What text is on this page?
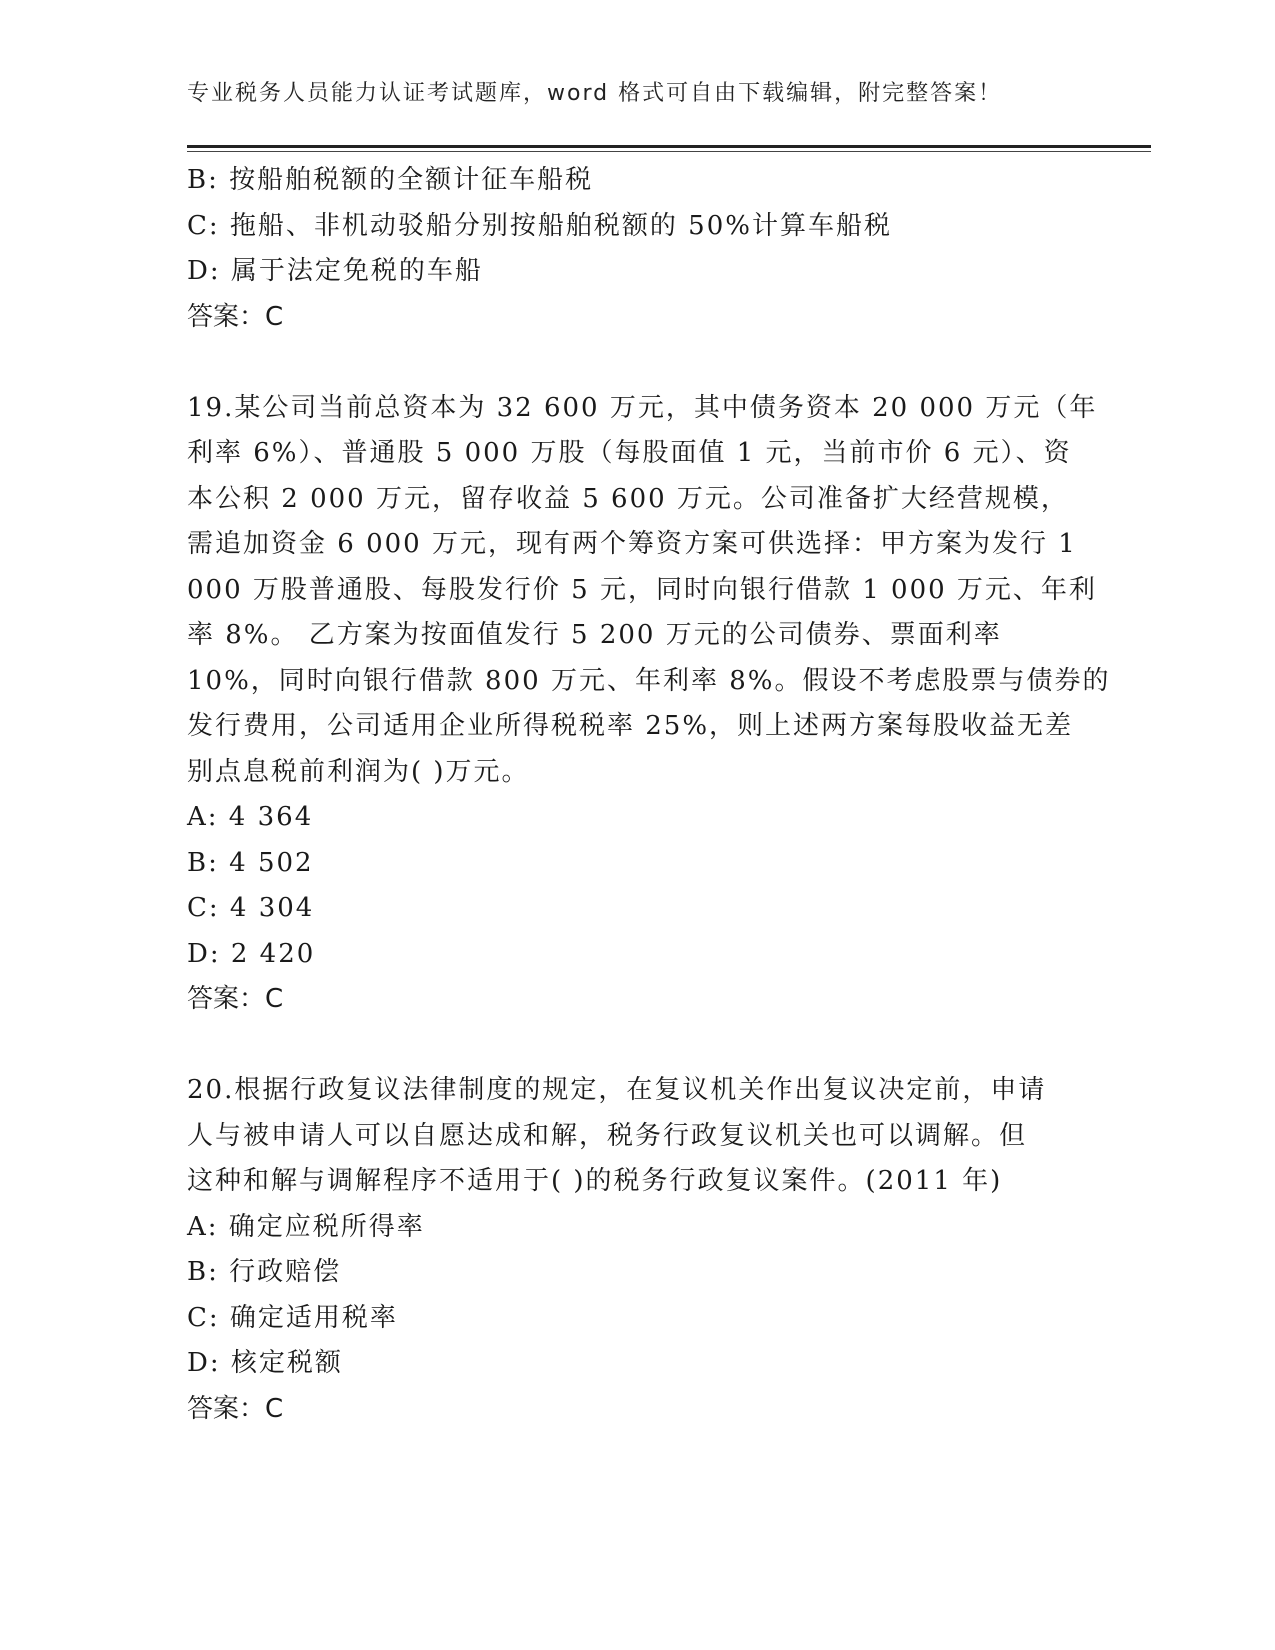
专业税务人员能力认证考试题库，word 格式可自由下载编辑，附完整答案！
B: 按船舶税额的全额计征车船税
C: 拖船、非机动驳船分别按船舶税额的 50%计算车船税
D: 属于法定免税的车船
答案：C
19.某公司当前总资本为 32 600 万元，其中债务资本 20 000 万元（年
利率 6%）、普通股 5 000 万股（每股面值 1 元，当前市价 6 元）、资
本公积 2 000 万元，留存收益 5 600 万元。公司准备扩大经营规模，
需追加资金 6 000 万元，现有两个筹资方案可供选择：甲方案为发行 1
000 万股普通股、每股发行价 5 元，同时向银行借款 1 000 万元、年利
率 8%。 乙方案为按面值发行 5 200 万元的公司债券、票面利率
10%，同时向银行借款 800 万元、年利率 8%。假设不考虑股票与债券的
发行费用，公司适用企业所得税税率 25%，则上述两方案每股收益无差
别点息税前利润为( )万元。
A: 4 364
B: 4 502
C: 4 304
D: 2 420
答案：C
20.根据行政复议法律制度的规定，在复议机关作出复议决定前，申请
人与被申请人可以自愿达成和解，税务行政复议机关也可以调解。但
这种和解与调解程序不适用于( )的税务行政复议案件。(2011 年)
A: 确定应税所得率
B: 行政赔偿
C: 确定适用税率
D: 核定税额
答案：C
